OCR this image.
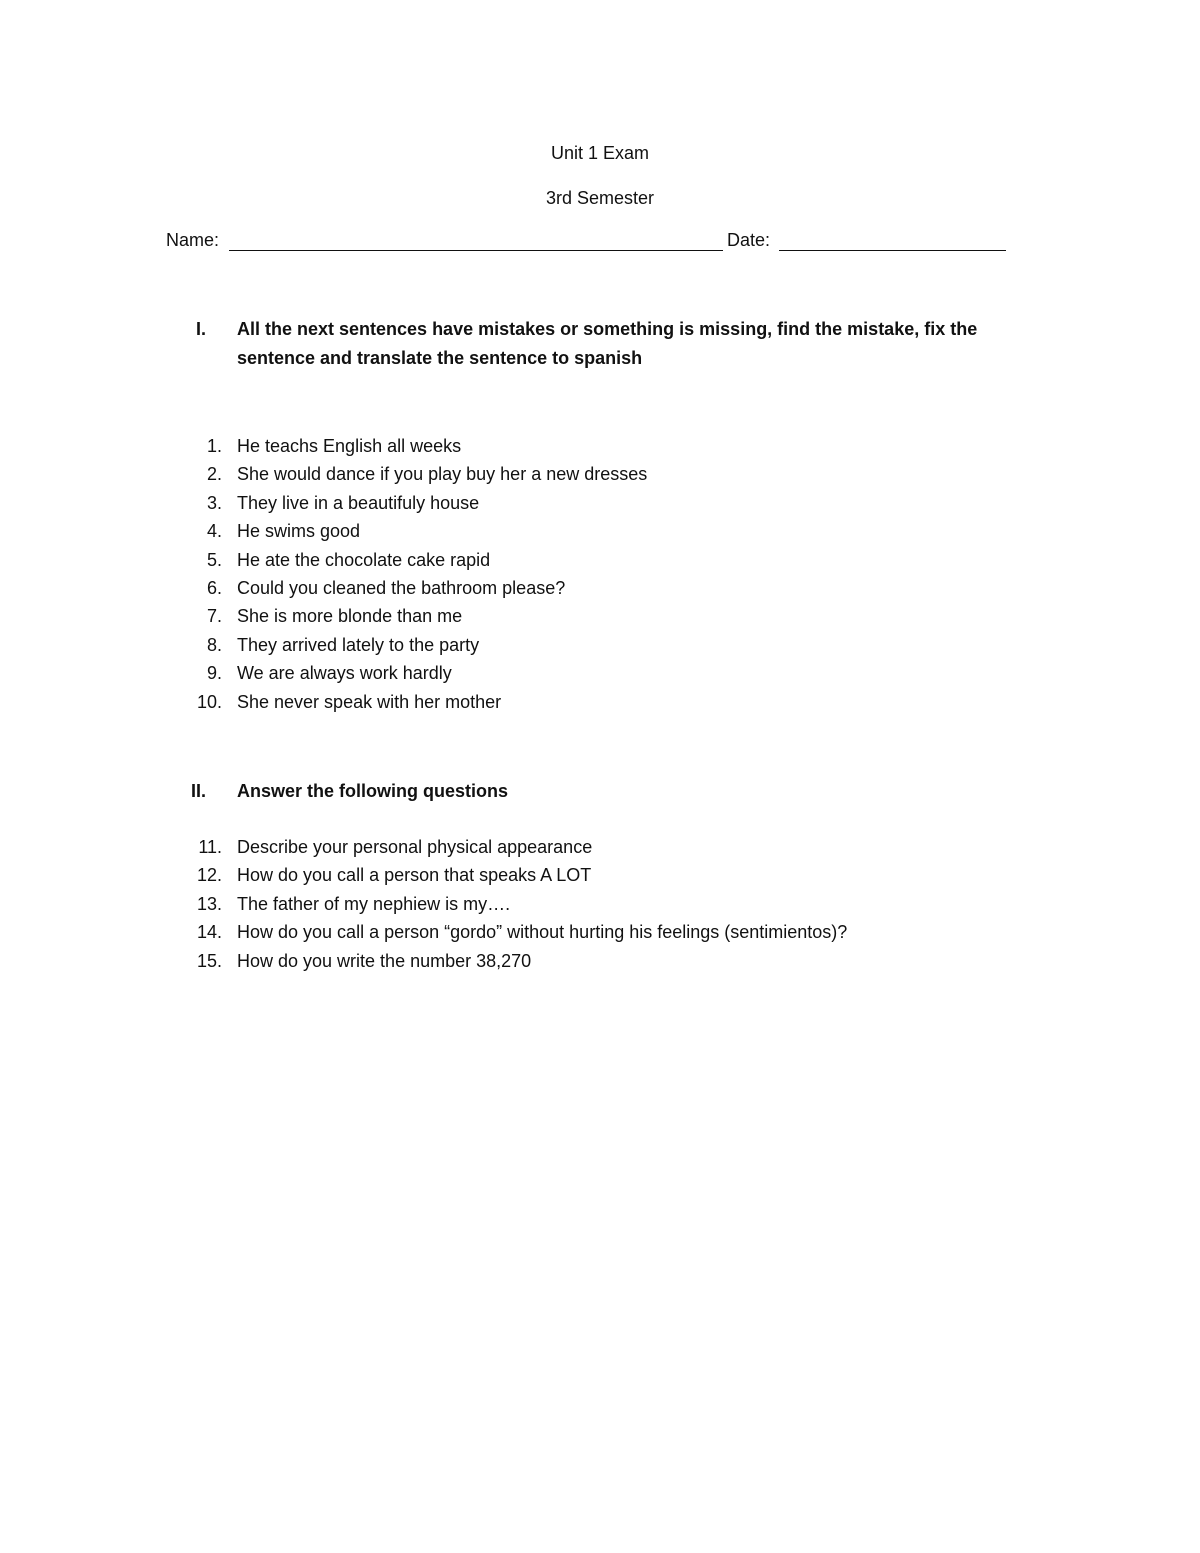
Unit 1 Exam
3rd Semester
Name:	Date:
I. All the next sentences have mistakes or something is missing, find the mistake, fix the sentence and translate the sentence to spanish
1. He teachs English all weeks
2. She would dance if you play buy her a new dresses
3. They live in a beautifuly house
4. He swims good
5. He ate the chocolate cake rapid
6. Could you cleaned the bathroom please?
7. She is more blonde than me
8. They arrived lately to the party
9. We are always work hardly
10. She never speak with her mother
II. Answer the following questions
11. Describe your personal physical appearance
12. How do you call a person that speaks A LOT
13. The father of my nephiew is my….
14. How do you call a person “gordo” without hurting his feelings (sentimientos)?
15. How do you write the number 38,270
